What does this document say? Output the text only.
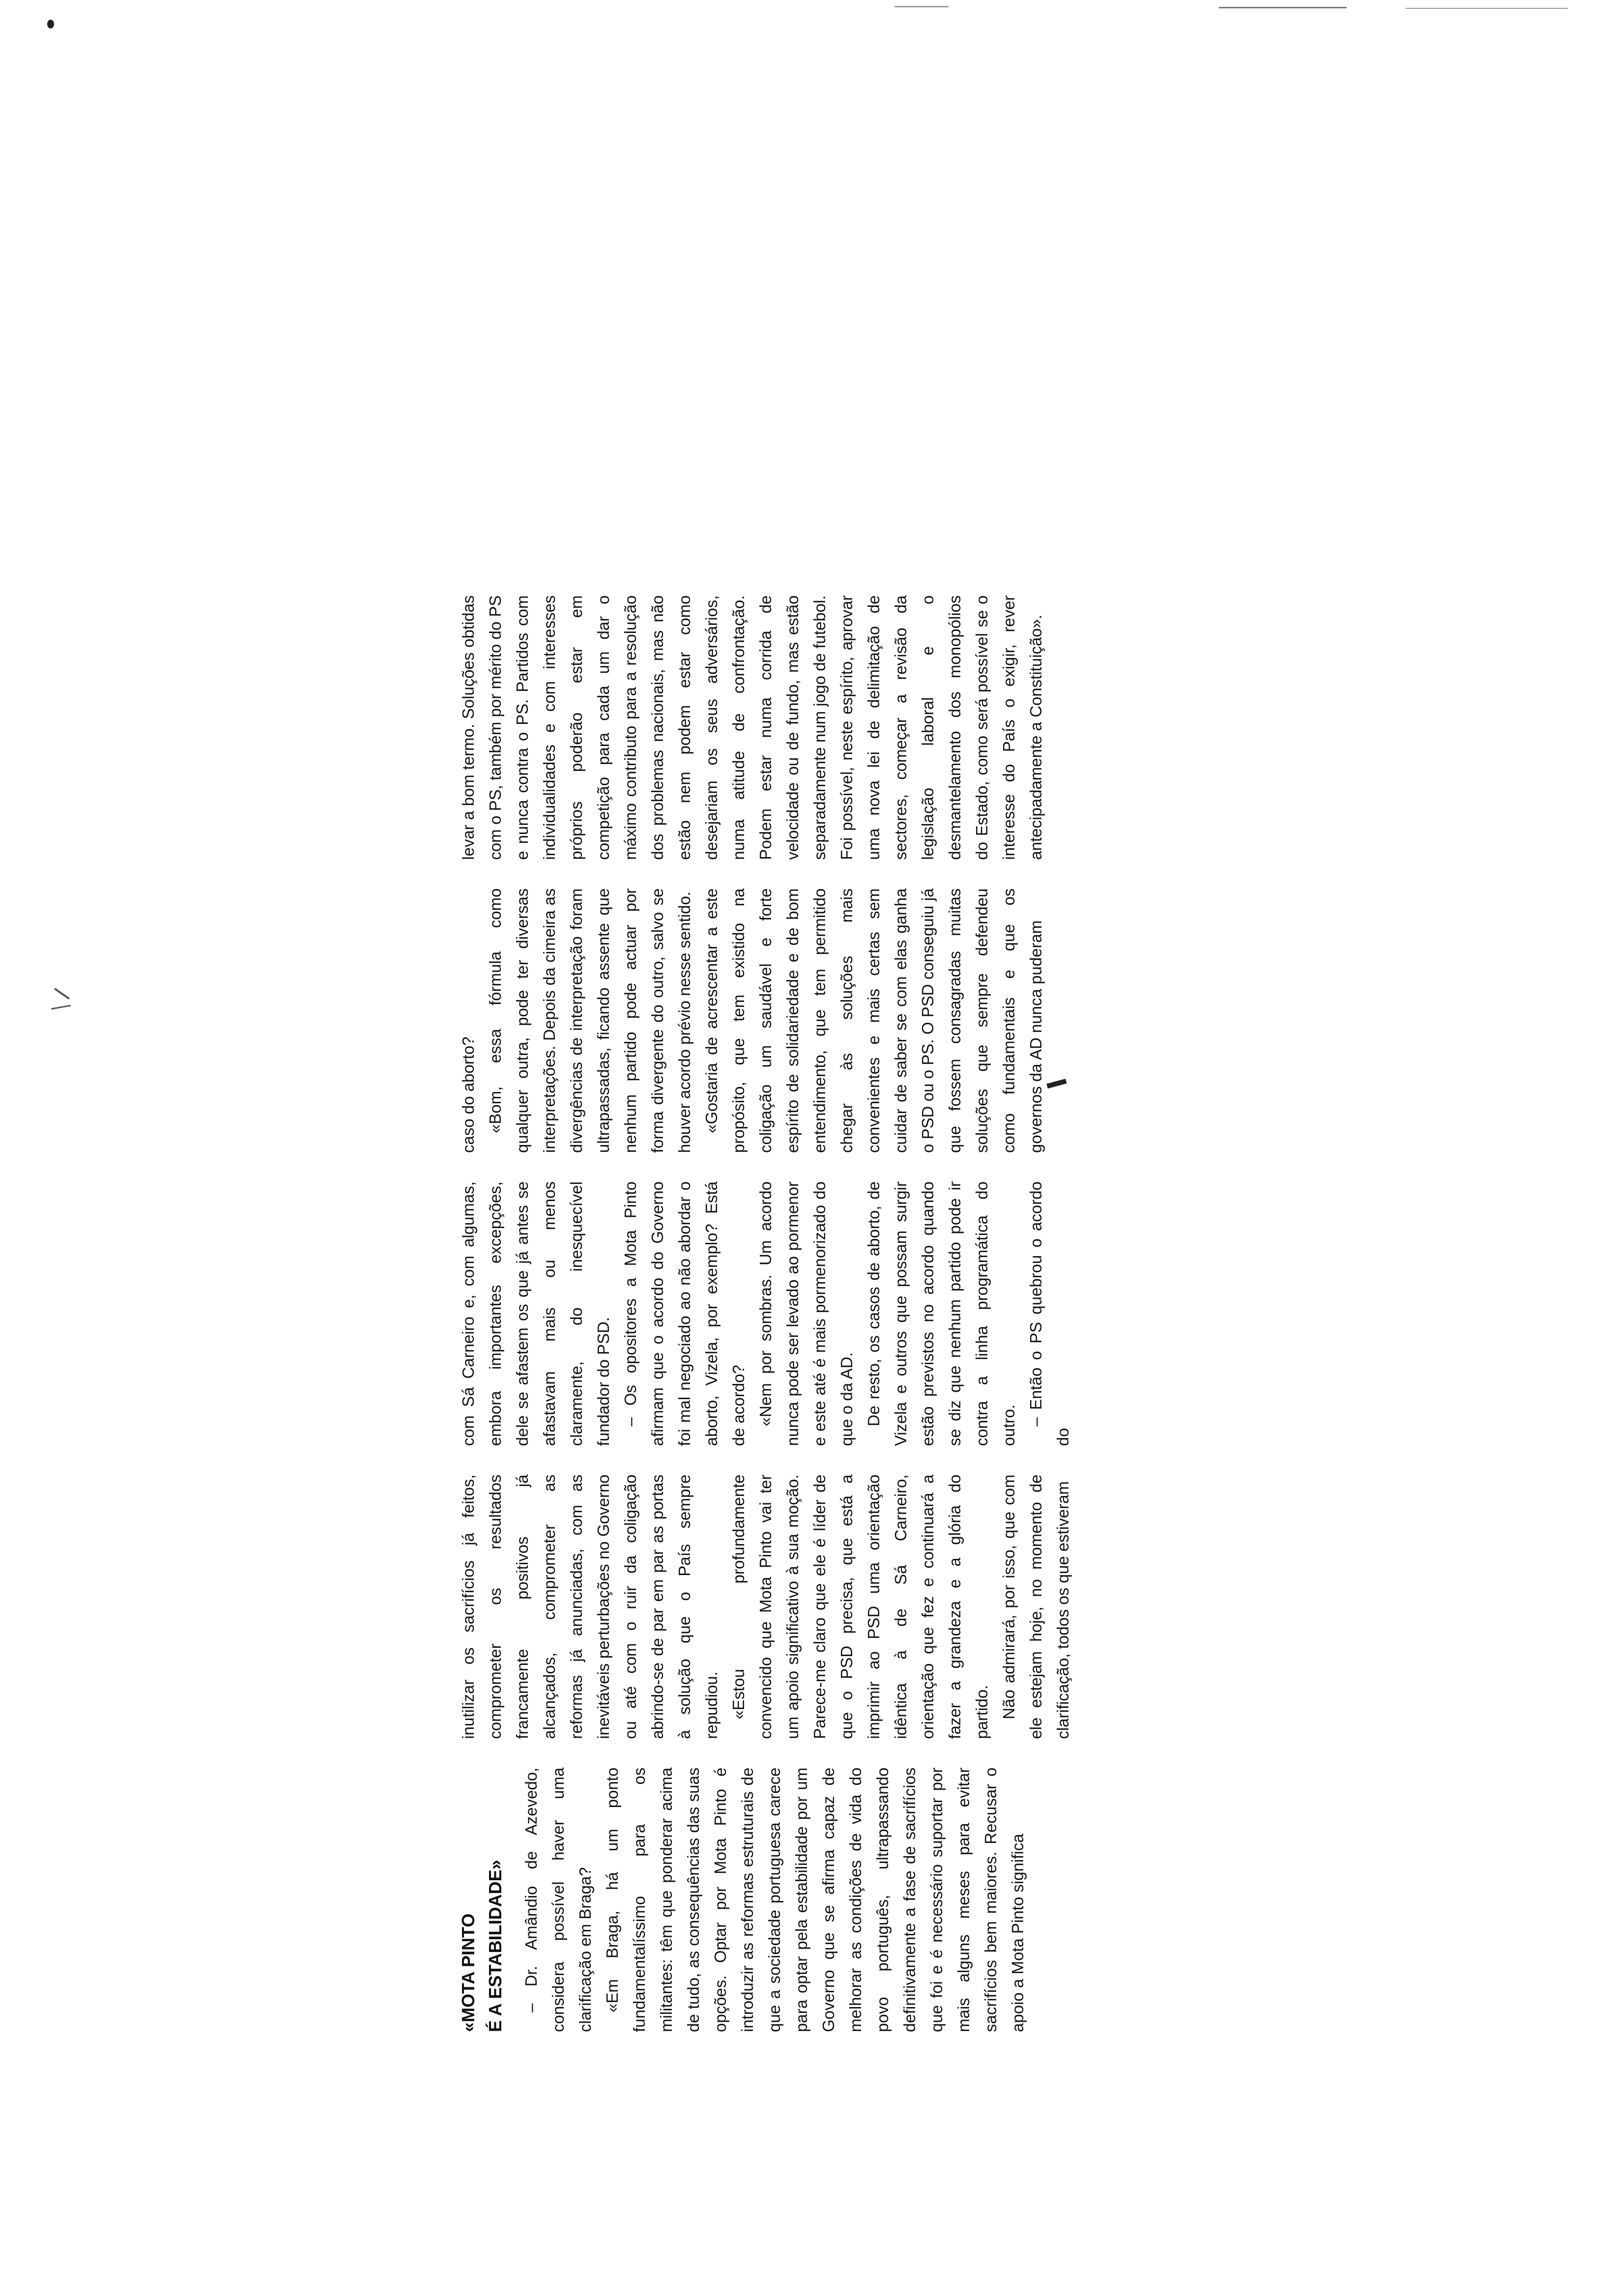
«MOTA PINTO É A ESTABILIDADE» – Dr. Amândio de Azevedo, considera possível haver uma clarificação em Braga? «Em Braga, há um ponto fundamentalíssimo para os militantes: têm que ponderar acima de tudo, as consequências das suas opções. Optar por Mota Pinto é introduzir as reformas estruturais de que a sociedade portuguesa carece para optar pela estabilidade por um Governo que se afirma capaz de melhorar as condições de vida do povo português, ultrapassando definitivamente a fase de sacrifícios que foi e é necessário suportar por mais alguns meses para evitar sacrifícios bem maiores. Recusar o apoio a Mota Pinto significa

inutilizar os sacrifícios já feitos, comprometer os resultados francamente positivos já alcançados, comprometer as reformas já anunciadas, com as inevitáveis perturbações no Governo ou até com o ruir da coligação abrindo-se de par em par as portas à solução que o País sempre repudiou. «Estou profundamente convencido que Mota Pinto vai ter um apoio significativo à sua moção. Parece-me claro que ele é líder de que o PSD precisa, que está a imprimir ao PSD uma orientação idêntica à de Sá Carneiro, orientação que fez e continuará a fazer a grandeza e a glória do partido. Não admirará, por isso, que com ele estejam hoje, no momento de clarificação, todos os que estiveram

com Sá Carneiro e, com algumas, embora importantes excepções, dele se afastem os que já antes se afastavam mais ou menos claramente, do inesquecível fundador do PSD. – Os opositores a Mota Pinto afirmam que o acordo do Governo foi mal negociado ao não abordar o aborto, Vizela, por exemplo? Está de acordo? «Nem por sombras. Um acordo nunca pode ser levado ao pormenor e este até é mais pormenorizado do que o da AD. De resto, os casos de aborto, de Vizela e outros que possam surgir estão previstos no acordo quando se diz que nenhum partido pode ir contra a linha programática do outro. – Então o PS quebrou o acordo do

caso do aborto? «Bom, essa fórmula como qualquer outra, pode ter diversas interpretações. Depois da cimeira as divergências de interpretação foram ultrapassadas, ficando assente que nenhum partido pode actuar por forma divergente do outro, salvo se houver acordo prévio nesse sentido. «Gostaria de acrescentar a este propósito, que tem existido na coligação um saudável e forte espírito de solidariedade e de bom entendimento, que tem permitido chegar às soluções mais convenientes e mais certas sem cuidar de saber se com elas ganha o PSD ou o PS. O PSD conseguiu já que fossem consagradas muitas soluções que sempre defendeu como fundamentais e que os governos da AD nunca puderam

levar a bom termo. Soluções obtidas com o PS, também por mérito do PS e nunca contra o PS. Partidos com individualidades e com interesses próprios poderão estar em competição para cada um dar o máximo contributo para a resolução dos problemas nacionais, mas não estão nem podem estar como desejariam os seus adversários, numa atitude de confrontação. Podem estar numa corrida de velocidade ou de fundo, mas estão separadamente num jogo de futebol. Foi possível, neste espírito, aprovar uma nova lei de delimitação de sectores, começar a revisão da legislação laboral e o desmantelamento dos monopólios do Estado, como será possível se o interesse do País o exigir, rever antecipadamente a Constituição».
